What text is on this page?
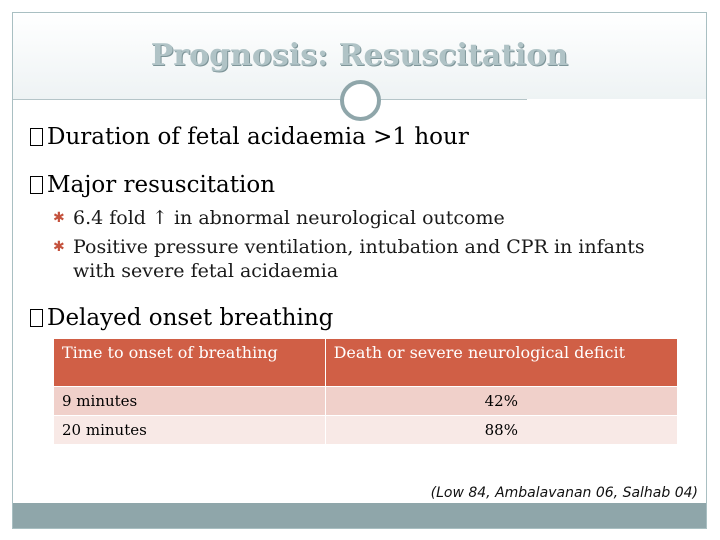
Prognosis: Resuscitation
Duration of fetal acidaemia >1 hour
Major resuscitation
✱ 6.4 fold ↑ in abnormal neurological outcome
✱ Positive pressure ventilation, intubation and CPR in infants with severe fetal acidaemia
Delayed onset breathing
Time to onset of breathing	Death or severe neurological deficit
9 minutes	42%
20 minutes	88%
(Low 84, Ambalavanan 06, Salhab 04)
